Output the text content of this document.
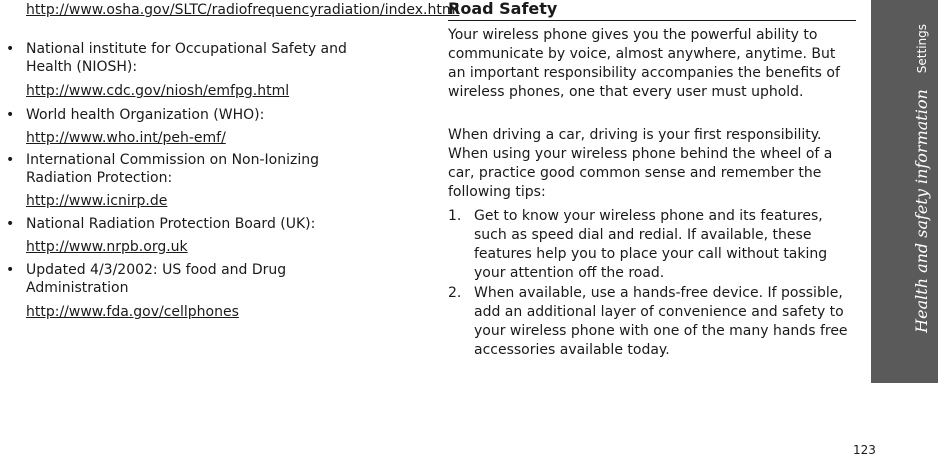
http://www.osha.gov/SLTC/radiofrequencyradiation/index.html
• National institute for Occupational Safety and Health (NIOSH):
http://www.cdc.gov/niosh/emfpg.html
• World health Organization (WHO):
http://www.who.int/peh-emf/
• International Commission on Non-Ionizing Radiation Protection:
http://www.icnirp.de
• National Radiation Protection Board (UK):
http://www.nrpb.org.uk
• Updated 4/3/2002: US food and Drug Administration
http://www.fda.gov/cellphones
Road Safety

Your wireless phone gives you the powerful ability to communicate by voice, almost anywhere, anytime. But an important responsibility accompanies the benefits of wireless phones, one that every user must uphold.

When driving a car, driving is your first responsibility. When using your wireless phone behind the wheel of a car, practice good common sense and remember the following tips:

1. Get to know your wireless phone and its features, such as speed dial and redial. If available, these features help you to place your call without taking your attention off the road.
2. When available, use a hands-free device. If possible, add an additional layer of convenience and safety to your wireless phone with one of the many hands free accessories available today.
Health and safety information
Settings
123
